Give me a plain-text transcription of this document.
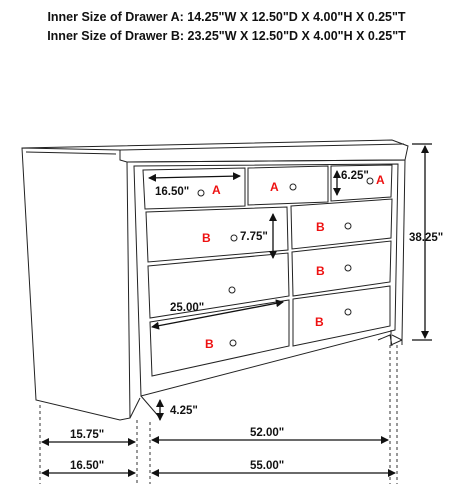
Inner Size of Drawer A: 14.25"W X 12.50"D X 4.00"H X 0.25"T
Inner Size of Drawer B: 23.25"W X 12.50"D X 4.00"H X 0.25"T
A	A	A
B
B
B
B
B
16.50"
6.25"
7.75"
25.00"
38.25"
4.25"
15.75"	52.00"
16.50"	55.00"
